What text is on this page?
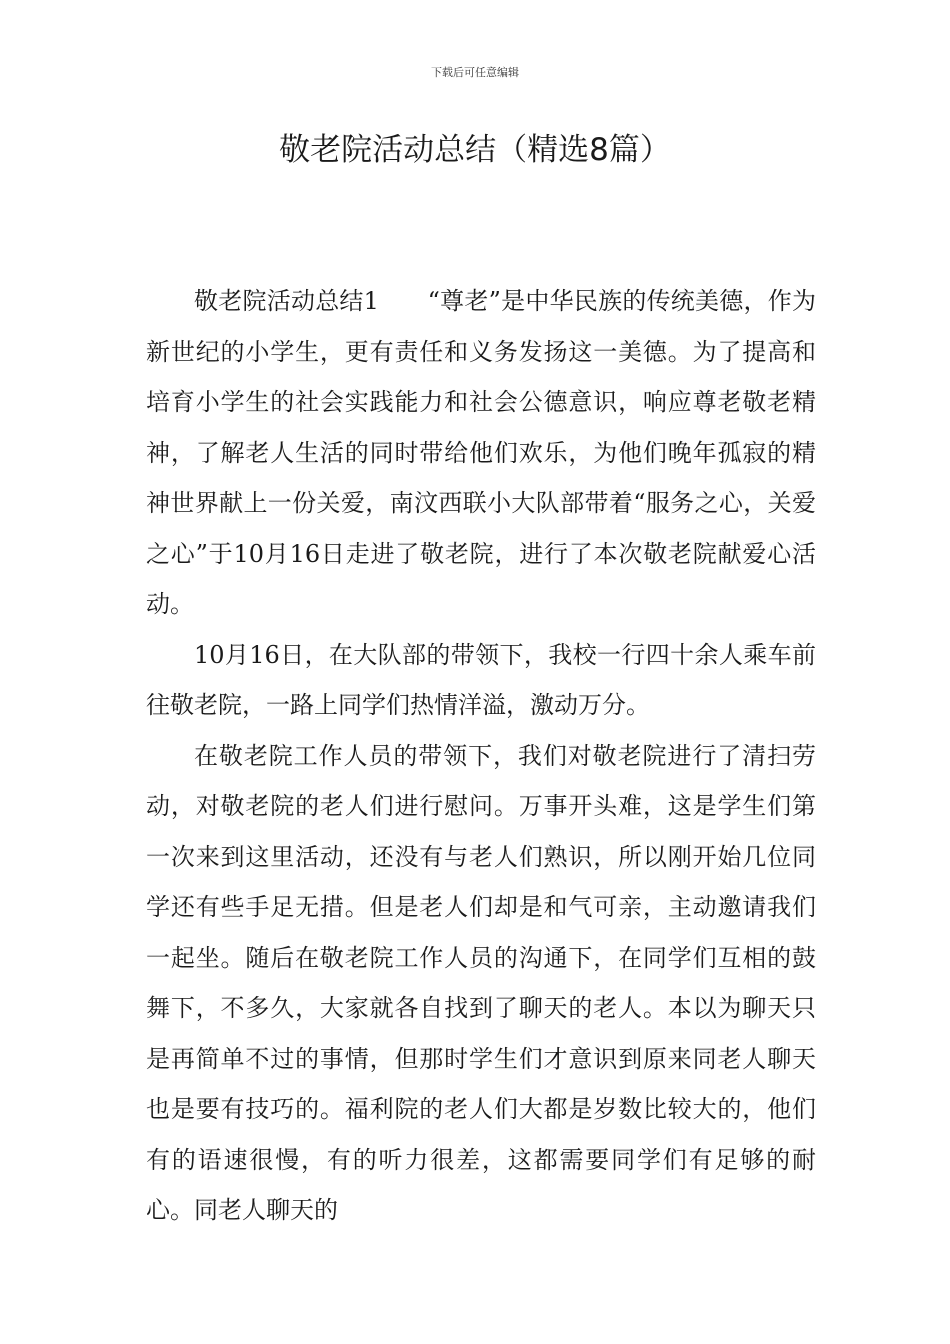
下载后可任意编辑
敬老院活动总结（精选8篇）

敬老院活动总结1　　“尊老”是中华民族的传统美德，作为新世纪的小学生，更有责任和义务发扬这一美德。为了提高和培育小学生的社会实践能力和社会公德意识，响应尊老敬老精神，了解老人生活的同时带给他们欢乐，为他们晚年孤寂的精神世界献上一份关爱，南汶西联小大队部带着“服务之心，关爱之心”于10月16日走进了敬老院，进行了本次敬老院献爱心活动。

10月16日，在大队部的带领下，我校一行四十余人乘车前往敬老院，一路上同学们热情洋溢，激动万分。

在敬老院工作人员的带领下，我们对敬老院进行了清扫劳动，对敬老院的老人们进行慰问。万事开头难，这是学生们第一次来到这里活动，还没有与老人们熟识，所以刚开始几位同学还有些手足无措。但是老人们却是和气可亲，主动邀请我们一起坐。随后在敬老院工作人员的沟通下，在同学们互相的鼓舞下，不多久，大家就各自找到了聊天的老人。本以为聊天只是再简单不过的事情，但那时学生们才意识到原来同老人聊天也是要有技巧的。福利院的老人们大都是岁数比较大的，他们有的语速很慢，有的听力很差，这都需要同学们有足够的耐心。同老人聊天的
